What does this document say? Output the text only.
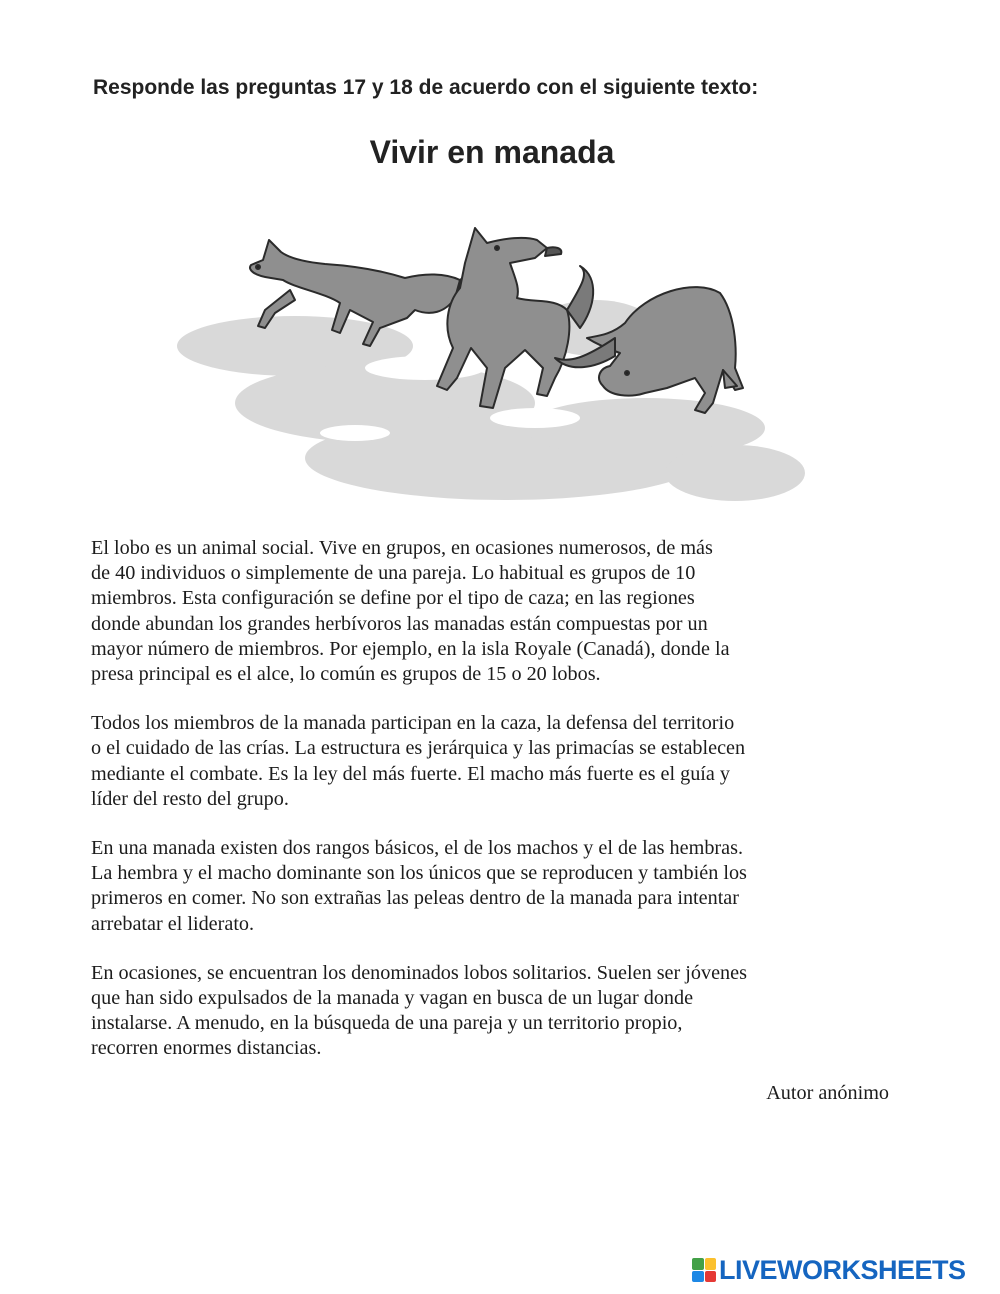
Responde las preguntas 17 y 18 de acuerdo con el siguiente texto:
Vivir en manada

El lobo es un animal social. Vive en grupos, en ocasiones numerosos, de más
de 40 individuos o simplemente de una pareja. Lo habitual es grupos de 10
miembros. Esta configuración se define por el tipo de caza; en las regiones
donde abundan los grandes herbívoros las manadas están compuestas por un
mayor número de miembros. Por ejemplo, en la isla Royale (Canadá), donde la
presa principal es el alce, lo común es grupos de 15 o 20 lobos.

Todos los miembros de la manada participan en la caza, la defensa del territorio
o el cuidado de las crías. La estructura es jerárquica y las primacías se establecen
mediante el combate. Es la ley del más fuerte. El macho más fuerte es el guía y
líder del resto del grupo.

En una manada existen dos rangos básicos, el de los machos y el de las hembras.
La hembra y el macho dominante son los únicos que se reproducen y también los
primeros en comer. No son extrañas las peleas dentro de la manada para intentar
arrebatar el liderato.

En ocasiones, se encuentran los denominados lobos solitarios. Suelen ser jóvenes
que han sido expulsados de la manada y vagan en busca de un lugar donde
instalarse. A menudo, en la búsqueda de una pareja y un territorio propio,
recorren enormes distancias.

Autor anónimo
LIVEWORKSHEETS
